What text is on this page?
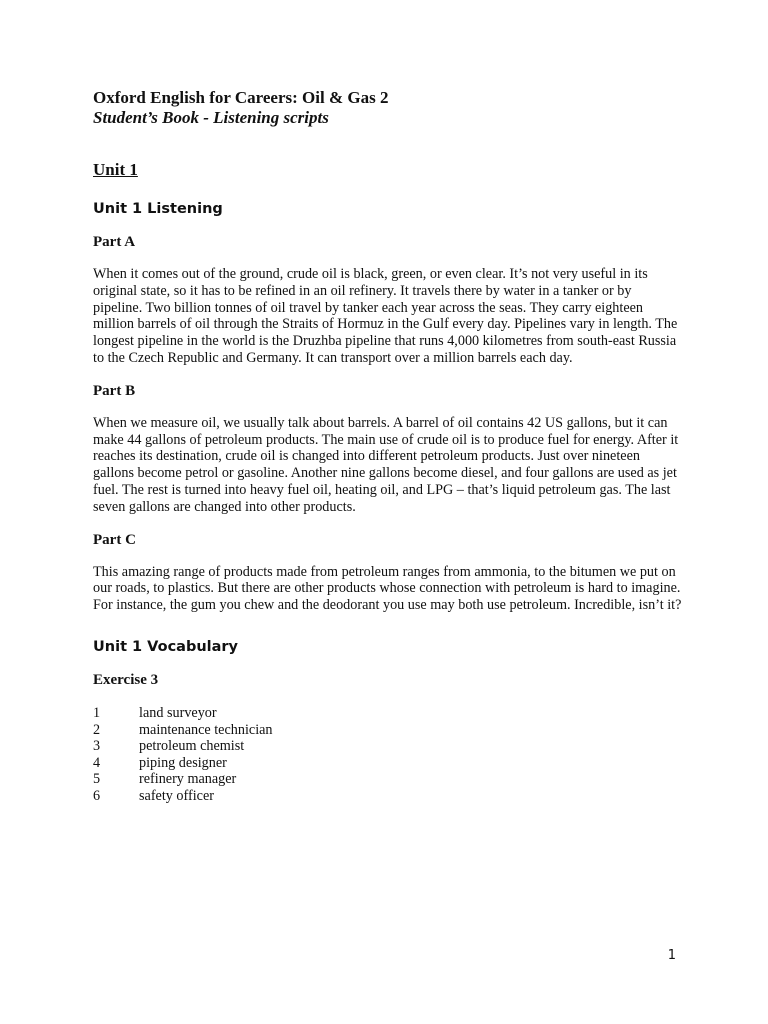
Oxford English for Careers: Oil & Gas 2

Student’s Book - Listening scripts

Unit 1

Unit 1 Listening

Part A

When it comes out of the ground, crude oil is black, green, or even clear. It’s not very useful in its original state, so it has to be refined in an oil refinery. It travels there by water in a tanker or by pipeline. Two billion tonnes of oil travel by tanker each year across the seas. They carry eighteen million barrels of oil through the Straits of Hormuz in the Gulf every day. Pipelines vary in length. The longest pipeline in the world is the Druzhba pipeline that runs 4,000 kilometres from south-east Russia to the Czech Republic and Germany. It can transport over a million barrels each day.

Part B

When we measure oil, we usually talk about barrels. A barrel of oil contains 42 US gallons, but it can make 44 gallons of petroleum products. The main use of crude oil is to produce fuel for energy. After it reaches its destination, crude oil is changed into different petroleum products. Just over nineteen gallons become petrol or gasoline. Another nine gallons become diesel, and four gallons are used as jet fuel. The rest is turned into heavy fuel oil, heating oil, and LPG – that’s liquid petroleum gas. The last seven gallons are changed into other products.

Part C

This amazing range of products made from petroleum ranges from ammonia, to the bitumen we put on our roads, to plastics. But there are other products whose connection with petroleum is hard to imagine. For instance, the gum you chew and the deodorant you use may both use petroleum. Incredible, isn’t it?

Unit 1 Vocabulary

Exercise 3

1	land surveyor
2	maintenance technician
3	petroleum chemist
4	piping designer
5	refinery manager
6	safety officer
1
